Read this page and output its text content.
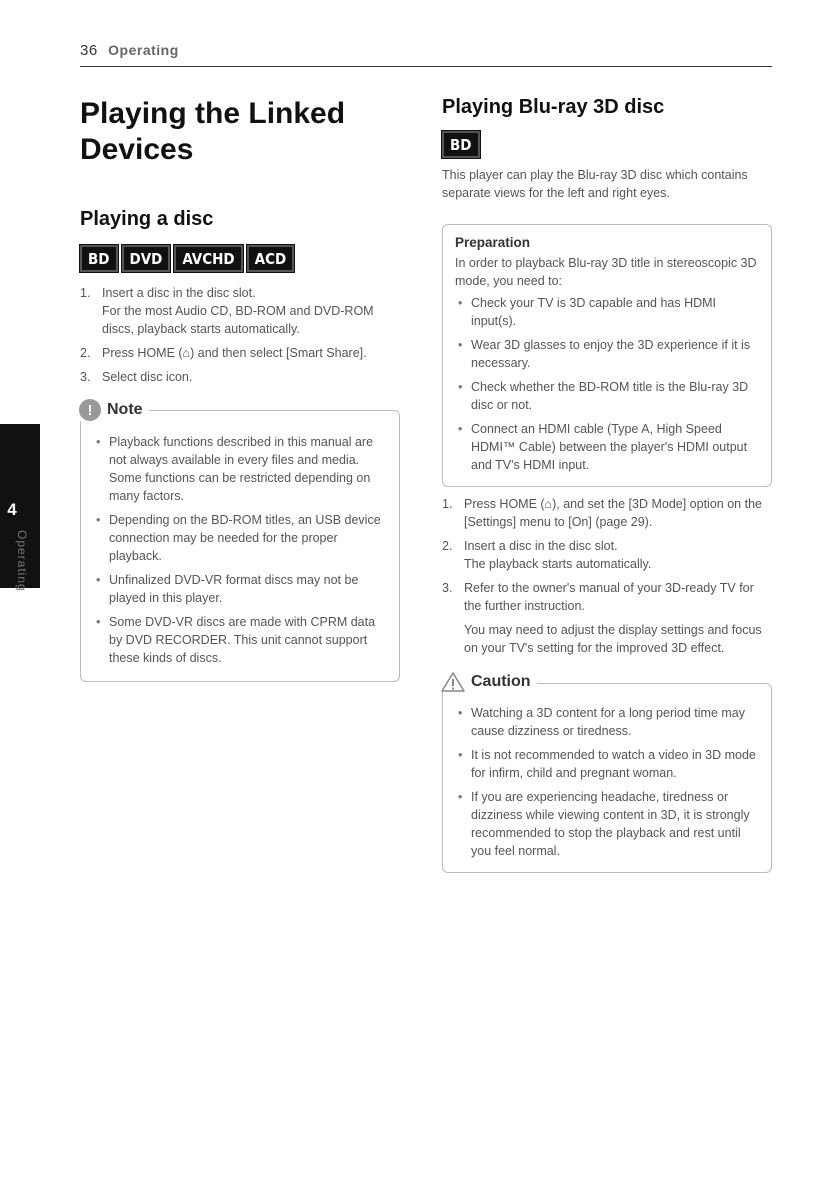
36 Operating
4
Operating
Playing the Linked Devices
Playing a disc
BD	DVD	AVCHD	ACD
1. Insert a disc in the disc slot.
For the most Audio CD, BD-ROM and DVD-ROM discs, playback starts automatically.
2. Press HOME (⌂) and then select [Smart Share].
3. Select disc icon.
! Note
• Playback functions described in this manual are not always available in every files and media. Some functions can be restricted depending on many factors.
• Depending on the BD-ROM titles, an USB device connection may be needed for the proper playback.
• Unfinalized DVD-VR format discs may not be played in this player.
• Some DVD-VR discs are made with CPRM data by DVD RECORDER. This unit cannot support these kinds of discs.
Playing Blu-ray 3D disc
BD
This player can play the Blu-ray 3D disc which contains separate views for the left and right eyes.
Preparation
In order to playback Blu-ray 3D title in stereoscopic 3D mode, you need to:
• Check your TV is 3D capable and has HDMI input(s).
• Wear 3D glasses to enjoy the 3D experience if it is necessary.
• Check whether the BD-ROM title is the Blu-ray 3D disc or not.
• Connect an HDMI cable (Type A, High Speed HDMI™ Cable) between the player's HDMI output and TV's HDMI input.
1. Press HOME (⌂), and set the [3D Mode] option on the [Settings] menu to [On] (page 29).
2. Insert a disc in the disc slot.
The playback starts automatically.
3. Refer to the owner's manual of your 3D-ready TV for the further instruction.
You may need to adjust the display settings and focus on your TV's setting for the improved 3D effect.
Caution
• Watching a 3D content for a long period time may cause dizziness or tiredness.
• It is not recommended to watch a video in 3D mode for infirm, child and pregnant woman.
• If you are experiencing headache, tiredness or dizziness while viewing content in 3D, it is strongly recommended to stop the playback and rest until you feel normal.
